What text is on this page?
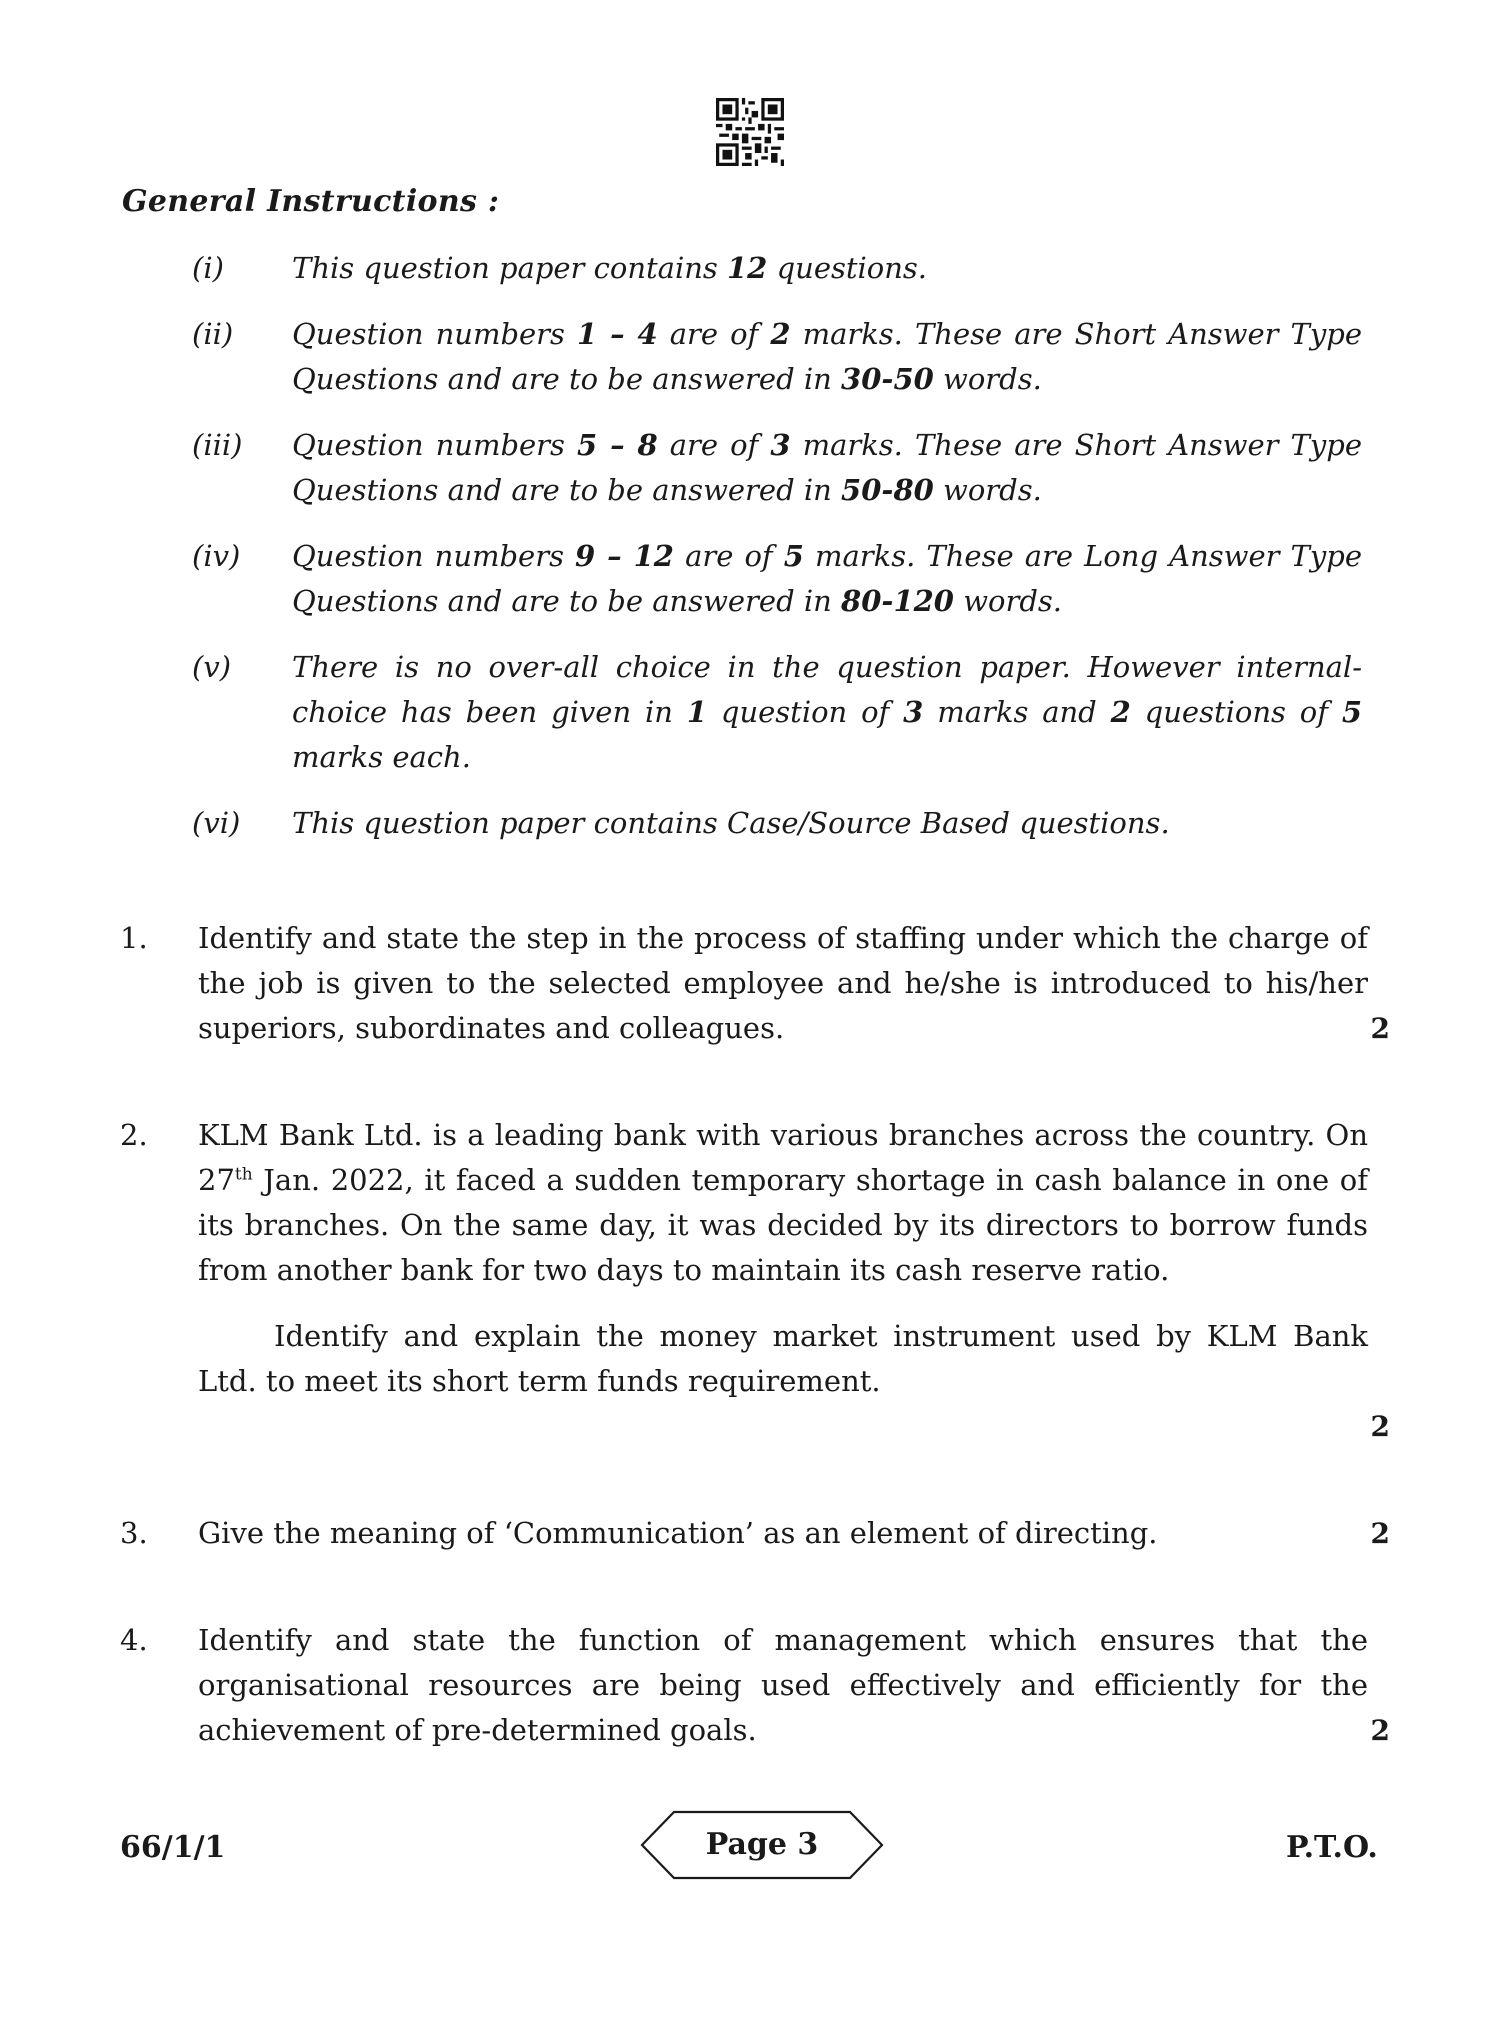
General Instructions :
(i) This question paper contains 12 questions.
(ii) Question numbers 1 – 4 are of 2 marks. These are Short Answer Type Questions and are to be answered in 30-50 words.
(iii) Question numbers 5 – 8 are of 3 marks. These are Short Answer Type Questions and are to be answered in 50-80 words.
(iv) Question numbers 9 – 12 are of 5 marks. These are Long Answer Type Questions and are to be answered in 80-120 words.
(v) There is no over-all choice in the question paper. However internal-choice has been given in 1 question of 3 marks and 2 questions of 5 marks each.
(vi) This question paper contains Case/Source Based questions.
1. Identify and state the step in the process of staffing under which the charge of the job is given to the selected employee and he/she is introduced to his/her superiors, subordinates and colleagues.	2
2. KLM Bank Ltd. is a leading bank with various branches across the country. On 27th Jan. 2022, it faced a sudden temporary shortage in cash balance in one of its branches. On the same day, it was decided by its directors to borrow funds from another bank for two days to maintain its cash reserve ratio.
Identify and explain the money market instrument used by KLM Bank Ltd. to meet its short term funds requirement.
2
3. Give the meaning of ‘Communication’ as an element of directing.	2
4. Identify and state the function of management which ensures that the organisational resources are being used effectively and efficiently for the achievement of pre-determined goals.	2
66/1/1	Page 3	P.T.O.
